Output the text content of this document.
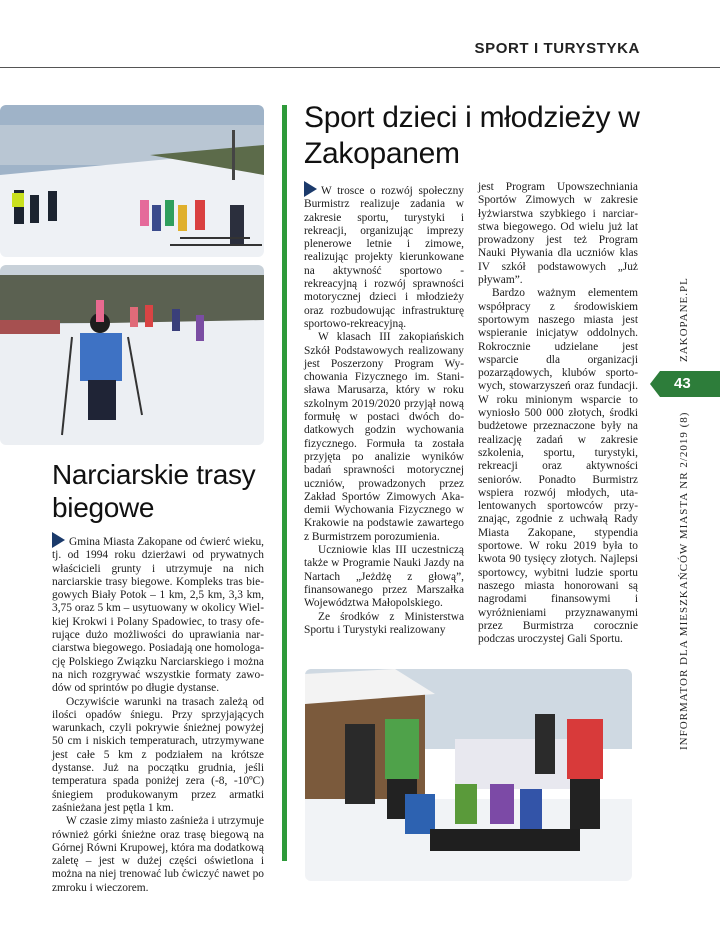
SPORT I TURYSTYKA
Narciarskie trasy biegowe

Gmina Miasta Zakopane od ćwierć wieku, tj. od 1994 roku dzierżawi od prywatnych właścicieli grunty i utrzymuje na nich narciarskie trasy biegowe. Kompleks tras biegowych Biały Potok – 1 km, 2,5 km, 3,3 km, 3,75 oraz 5 km – usytuowany w okolicy Wielkiej Krokwi i Polany Spadowiec, to trasy oferujące dużo możliwości do uprawiania narciarstwa biegowego. Posiadają one homologację Polskiego Związku Narciarskiego i można na nich rozgrywać wszystkie formaty zawodów od sprintów po długie dystanse.

Oczywiście warunki na trasach zależą od ilości opadów śniegu. Przy sprzyjających warunkach, czyli pokrywie śnieżnej powyżej 50 cm i niskich temperaturach, utrzymywane jest całe 5 km z podziałem na krótsze dystanse. Już na początku grudnia, jeśli temperatura spada poniżej zera (-8, -10ºC) śniegiem produkowanym przez armatki zaśnieżana jest pętla 1 km.

W czasie zimy miasto zaśnieża i utrzymuje również górki śnieżne oraz trasę biegową na Górnej Równi Krupowej, która ma dodatkową zaletę – jest w dużej części oświetlona i można na niej trenować lub ćwiczyć nawet po zmroku i wieczorem.

Sport dzieci i młodzieży w Zakopanem

W trosce o rozwój społeczny Burmistrz realizuje zadania w zakresie sportu, turystyki i rekreacji, organizując imprezy plenerowe letnie i zimowe, realizując projekty kierunkowane na aktywność sportowo -rekreacyjną i rozwój sprawności motorycznej dzieci i młodzieży oraz rozbudowując infrastrukturę sportowo-rekreacyjną.

W klasach III zakopiańskich Szkół Podstawowych realizowany jest Poszerzony Program Wychowania Fizycznego im. Stanisława Marusarza, który w roku szkolnym 2019/2020 przyjął nową formułę w postaci dwóch dodatkowych godzin wychowania fizycznego. Formuła ta została przyjęta po analizie wyników badań sprawności motorycznej uczniów, prowadzonych przez Zakład Sportów Zimowych Akademii Wychowania Fizycznego w Krakowie na podstawie zawartego z Burmistrzem porozumienia.

Uczniowie klas III uczestniczą także w Programie Nauki Jazdy na Nartach „Jeżdżę z głową”, finansowanego przez Marszałka Województwa Małopolskiego.

Ze środków z Ministerstwa Sportu i Turystyki realizowany

jest Program Upowszechniania Sportów Zimowych w zakresie łyżwiarstwa szybkiego i narciarstwa biegowego. Od wielu już lat prowadzony jest też Program Nauki Pływania dla uczniów klas IV szkół podstawowych „Już pływam”.

Bardzo ważnym elementem współpracy z środowiskiem sportowym naszego miasta jest wspieranie inicjatyw oddolnych. Rokrocznie udzielane jest wsparcie dla organizacji pozarządowych, klubów sportowych, stowarzyszeń oraz fundacji. W roku minionym wsparcie to wyniosło 500 000 złotych, środki budżetowe przeznaczone były na realizację zadań w zakresie szkolenia, sportu, turystyki, rekreacji oraz aktywności seniorów. Ponadto Burmistrz wspiera rozwój młodych, utalentowanych sportowców przyznając, zgodnie z uchwałą Rady Miasta Zakopane, stypendia sportowe. W roku 2019 była to kwota 90 tysięcy złotych. Najlepsi sportowcy, wybitni ludzie sportu naszego miasta honorowani są nagrodami finansowymi i wyróżnieniami przyznawanymi przez Burmistrza corocznie podczas uroczystej Gali Sportu.

ZAKOPANE.PL
INFORMATOR DLA MIESZKAŃCÓW MIASTA NR 2/2019 (8)
43
